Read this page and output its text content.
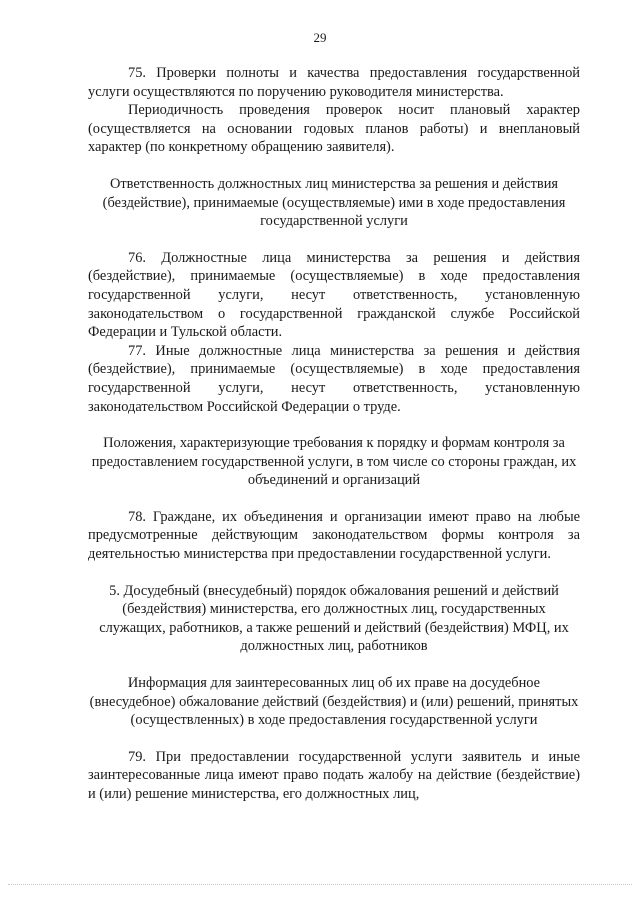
29

75. Проверки полноты и качества предоставления государственной услуги осуществляются по поручению руководителя министерства.

Периодичность проведения проверок носит плановый характер (осуществляется на основании годовых планов работы) и внеплановый характер (по конкретному обращению заявителя).

Ответственность должностных лиц министерства за решения и действия (бездействие), принимаемые (осуществляемые) ими в ходе предоставления государственной услуги

76. Должностные лица министерства за решения и действия (бездействие), принимаемые (осуществляемые) в ходе предоставления государственной услуги, несут ответственность, установленную законодательством о государственной гражданской службе Российской Федерации и Тульской области.

77. Иные должностные лица министерства за решения и действия (бездействие), принимаемые (осуществляемые) в ходе предоставления государственной услуги, несут ответственность, установленную законодательством Российской Федерации о труде.

Положения, характеризующие требования к порядку и формам контроля за предоставлением государственной услуги, в том числе со стороны граждан, их объединений и организаций

78. Граждане, их объединения и организации имеют право на любые предусмотренные действующим законодательством формы контроля за деятельностью министерства при предоставлении государственной услуги.

5. Досудебный (внесудебный) порядок обжалования решений и действий (бездействия) министерства, его должностных лиц, государственных служащих, работников, а также решений и действий (бездействия) МФЦ, их должностных лиц, работников

Информация для заинтересованных лиц об их праве на досудебное (внесудебное) обжалование действий (бездействия) и (или) решений, принятых (осуществленных) в ходе предоставления государственной услуги

79. При предоставлении государственной услуги заявитель и иные заинтересованные лица имеют право подать жалобу на действие (бездействие) и (или) решение министерства, его должностных лиц,
